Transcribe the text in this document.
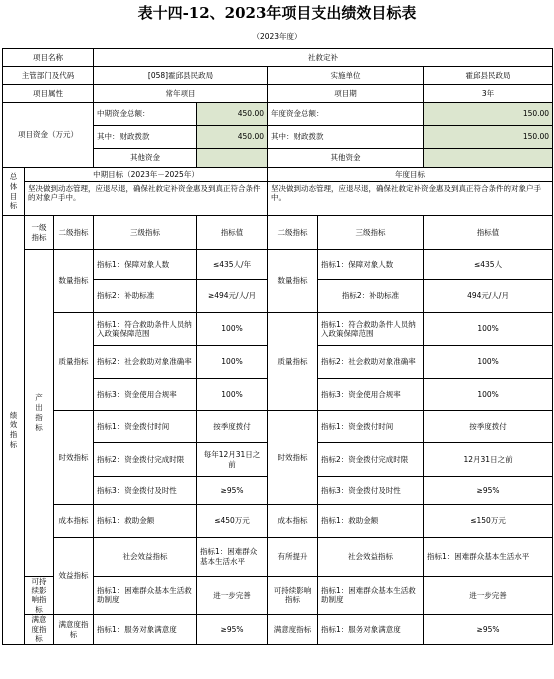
表十四-12、2023年项目支出绩效目标表
（2023年度）
项目名称			社救定补					
主管部门及代码			[058]霍邱县民政局		实施单位		霍邱县民政局	
项目属性			常年项目		项目期		3年	
项目资金（万元）			中期资金总额：	450.00	年度资金总额：		150.00	
			其中：财政拨款	450.00	其中：财政拨款		150.00	
			其他资金		其他资金			

总体目标	中期目标（2023年－2025年）				年度目标			
	坚决做到动态管理，应退尽退，确保社救定补资金惠及到真正符合条件的对象户手中。				坚决做到动态管理，应退尽退，确保社救定补资金惠及到真正符合条件的对象户手中。			

绩效指标	一级指标	二级指标	三级指标	指标值	二级指标	三级指标	指标值	

	产出指标	数量指标	指标1：保障对象人数	≤435人/年	数量指标	指标1：保障对象人数	≤435人	
			指标2：补助标准	≥494元/人/月		指标2：补助标准	494元/人/月	
		质量指标	指标1：符合救助条件人员纳入政策保障范围	100%	质量指标	指标1：符合救助条件人员纳入政策保障范围	100%	
			指标2：社会救助对象准确率	100%		指标2：社会救助对象准确率	100%	
			指标3：资金使用合规率	100%		指标3：资金使用合规率	100%	
		时效指标	指标1：资金拨付时间	按季度拨付	时效指标	指标1：资金拨付时间	按季度拨付	
			指标2：资金拨付完成时限	每年12月31日之前		指标2：资金拨付完成时限	12月31日之前	
			指标3：资金拨付及时性	≥95%		指标3：资金拨付及时性	≥95%	
		成本指标	指标1：救助金额	≤450万元	成本指标	指标1：救助金额	≤150万元	
		效益指标	社会效益指标	指标1：困难群众基本生活水平	有所提升	社会效益指标	指标1：困难群众基本生活水平	
	可持续影响指标		指标1：困难群众基本生活救助制度	进一步完善	可持续影响指标	指标1：困难群众基本生活救助制度	进一步完善	
	满意度指标	满意度指标	指标1：服务对象满意度	≥95%	满意度指标	指标1：服务对象满意度	≥95%	
